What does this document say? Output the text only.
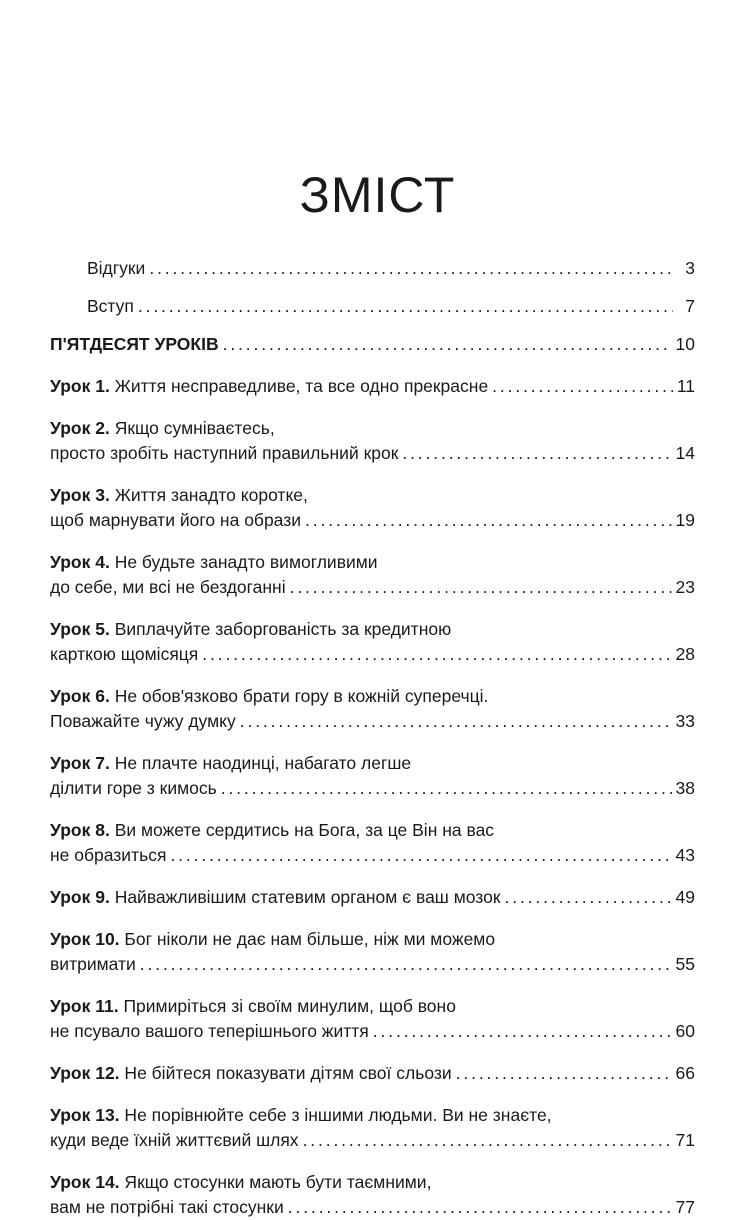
ЗМІСТ
Відгуки . . .	3
Вступ . . .	7
П'ЯТДЕСЯТ УРОКІВ . . .	10
Урок 1. Життя несправедливе, та все одно прекрасне . . .	11
Урок 2. Якщо сумніваєтесь,
просто зробіть наступний правильний крок . . .	14
Урок 3. Життя занадто коротке,
щоб марнувати його на образи . . .	19
Урок 4. Не будьте занадто вимогливими
до себе, ми всі не бездоганні . . .	23
Урок 5. Виплачуйте заборгованість за кредитною
карткою щомісяця . . .	28
Урок 6. Не обов'язково брати гору в кожній суперечці.
Поважайте чужу думку . . .	33
Урок 7. Не плачте наодинці, набагато легше
ділити горе з кимось . . .	38
Урок 8. Ви можете сердитись на Бога, за це Він на вас
не образиться . . .	43
Урок 9. Найважливішим статевим органом є ваш мозок . . .	49
Урок 10. Бог ніколи не дає нам більше, ніж ми можемо
витримати . . .	55
Урок 11. Примиріться зі своїм минулим, щоб воно
не псувало вашого теперішнього життя . . .	60
Урок 12. Не бійтеся показувати дітям свої сльози . . .	66
Урок 13. Не порівнюйте себе з іншими людьми. Ви не знаєте,
куди веде їхній життєвий шлях . . .	71
Урок 14. Якщо стосунки мають бути таємними,
вам не потрібні такі стосунки . . .	77
